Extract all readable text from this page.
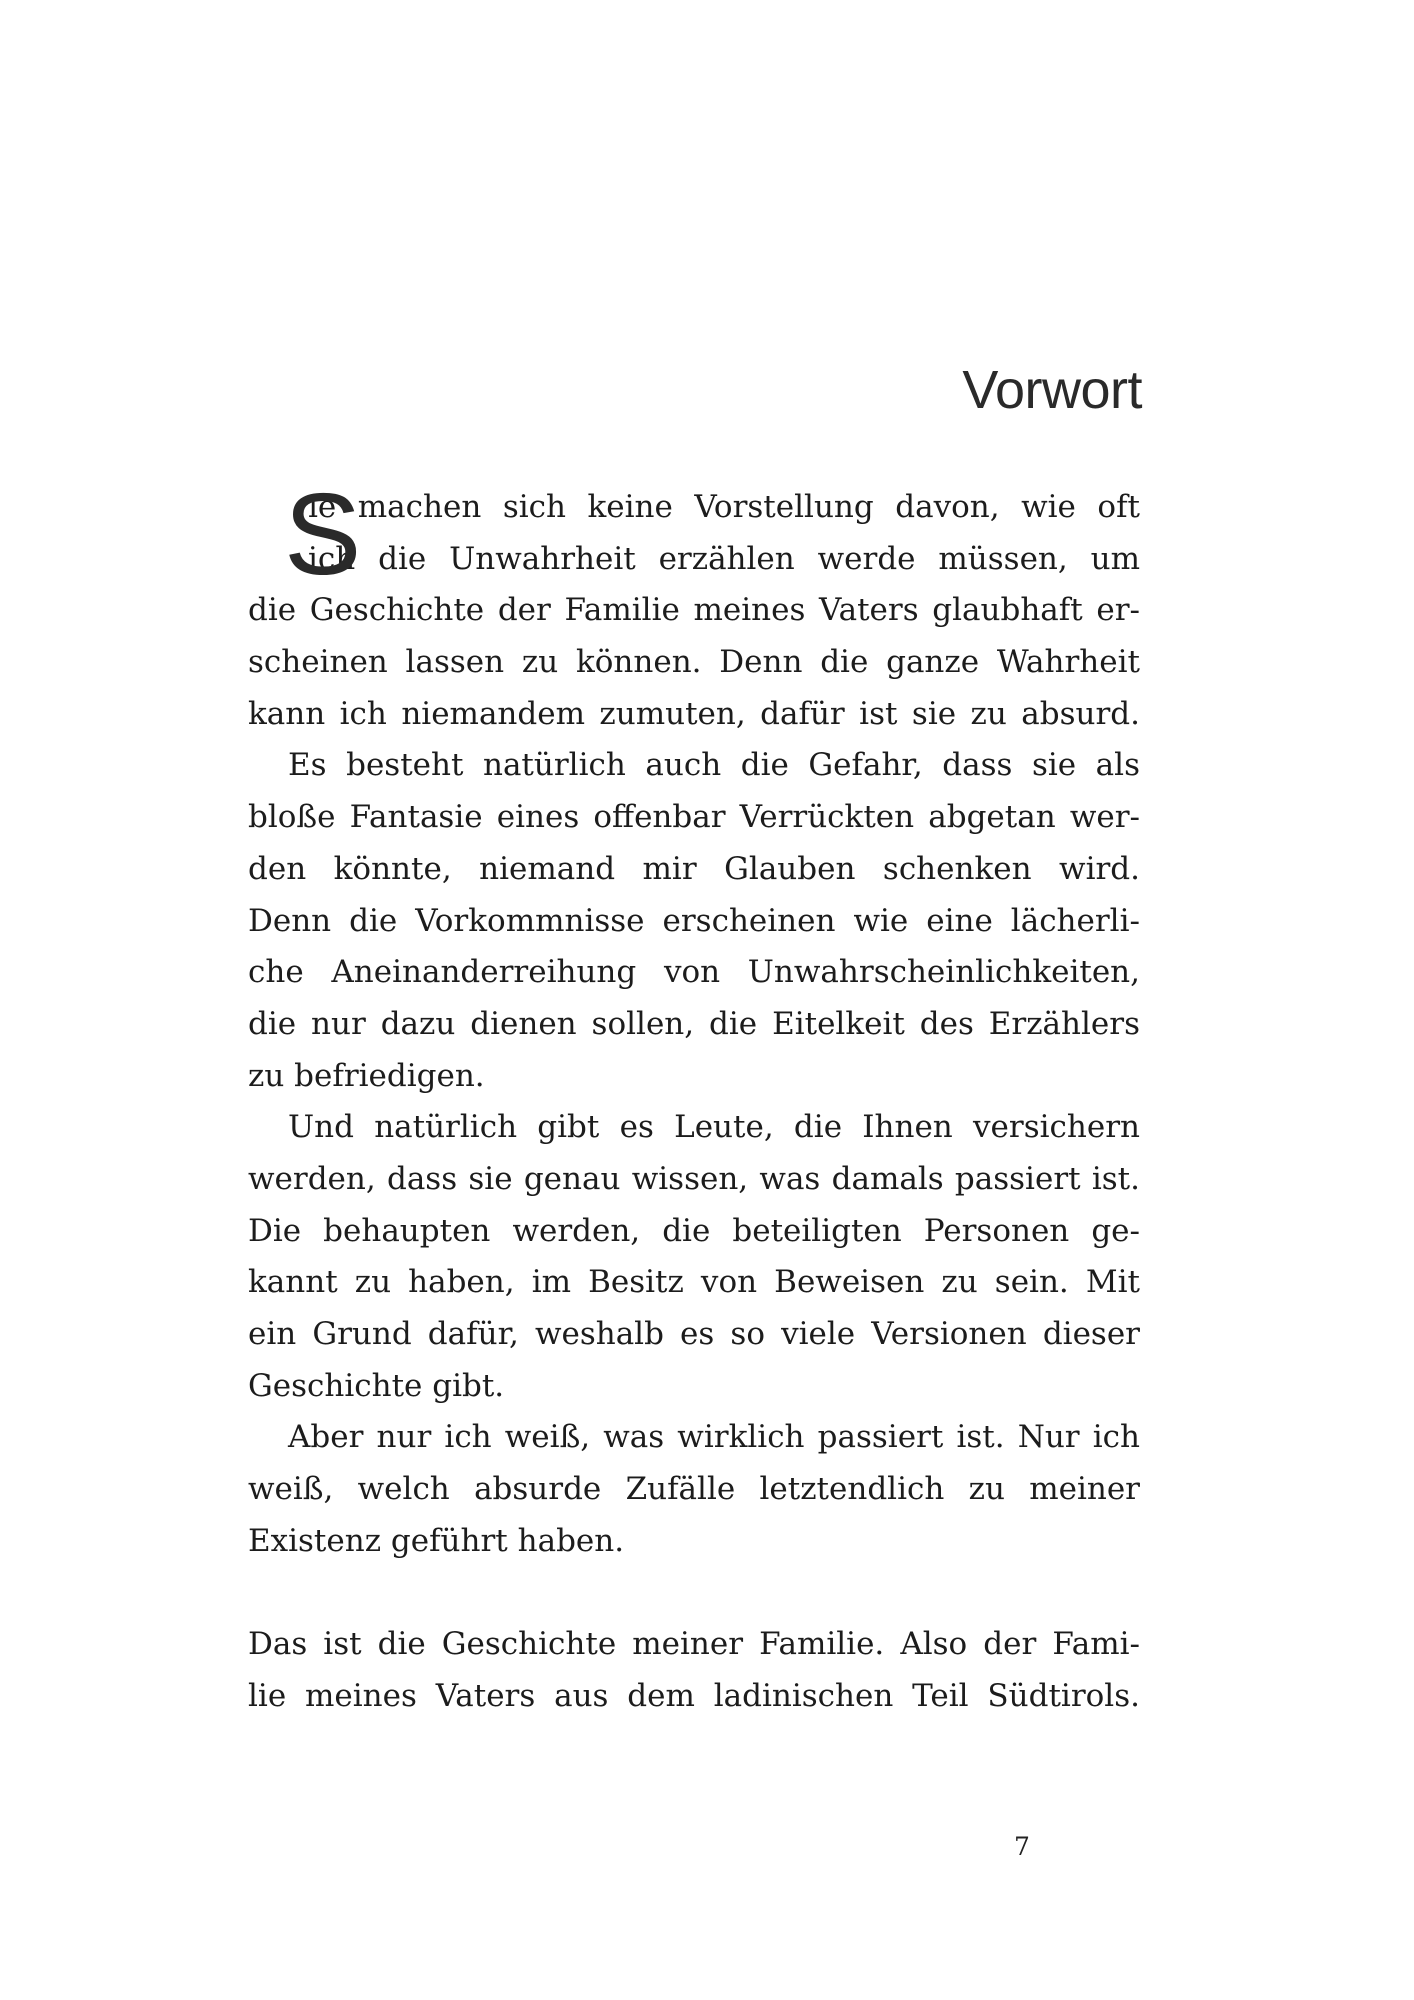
Vorwort
S
ie machen sich keine Vorstellung davon, wie oft
ich die Unwahrheit erzählen werde müssen, um
die Geschichte der Familie meines Vaters glaubhaft er-
scheinen lassen zu können. Denn die ganze Wahrheit
kann ich niemandem zumuten, dafür ist sie zu absurd.
Es besteht natürlich auch die Gefahr, dass sie als
bloße Fantasie eines offenbar Verrückten abgetan wer-
den könnte, niemand mir Glauben schenken wird.
Denn die Vorkommnisse erscheinen wie eine lächerli-
che Aneinanderreihung von Unwahrscheinlichkeiten,
die nur dazu dienen sollen, die Eitelkeit des Erzählers
zu befriedigen.
Und natürlich gibt es Leute, die Ihnen versichern
werden, dass sie genau wissen, was damals passiert ist.
Die behaupten werden, die beteiligten Personen ge-
kannt zu haben, im Besitz von Beweisen zu sein. Mit
ein Grund dafür, weshalb es so viele Versionen dieser
Geschichte gibt.
Aber nur ich weiß, was wirklich passiert ist. Nur ich
weiß, welch absurde Zufälle letztendlich zu meiner
Existenz geführt haben.
Das ist die Geschichte meiner Familie. Also der Fami-
lie meines Vaters aus dem ladinischen Teil Südtirols.
7
